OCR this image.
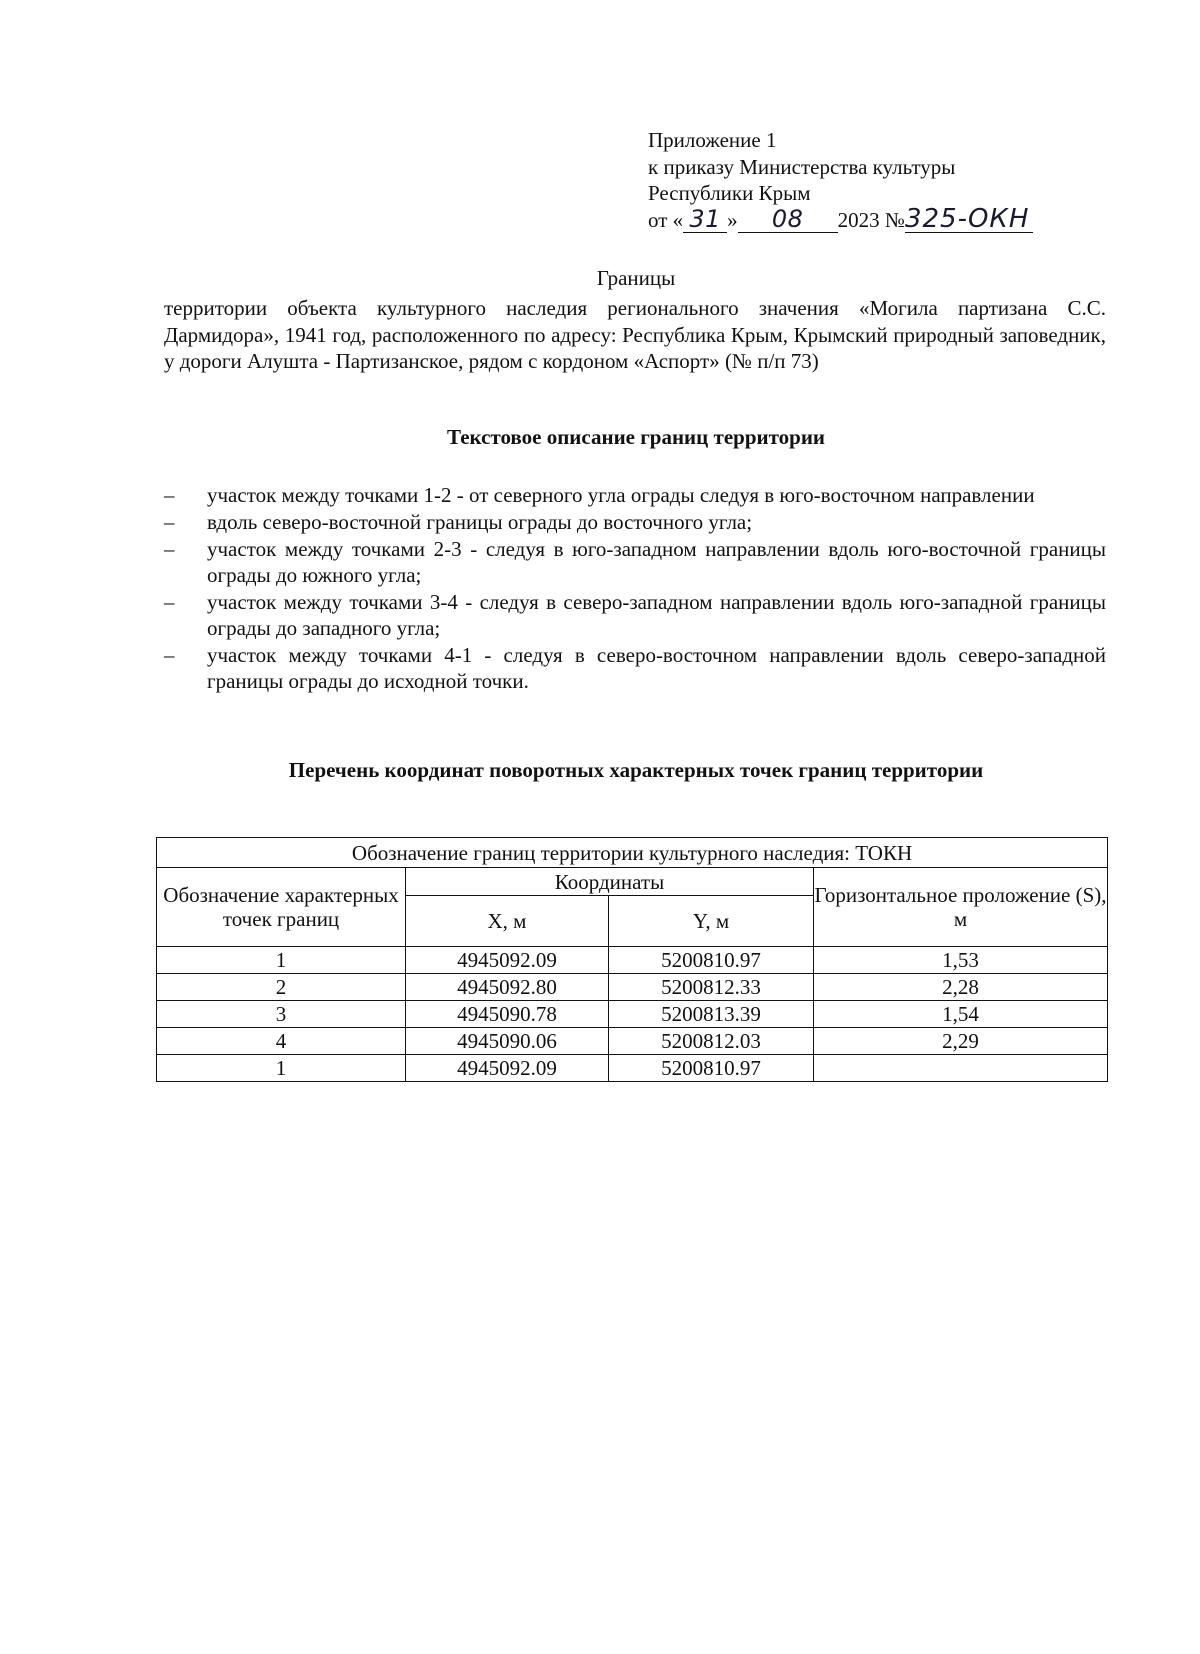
Приложение 1
к приказу Министерства культуры
Республики Крым
от « 31 » 08 2023 №325-ОКН
Границы
территории объекта культурного наследия регионального значения «Могила партизана С.С. Дармидора», 1941 год, расположенного по адресу: Республика Крым, Крымский природный заповедник, у дороги Алушта - Партизанское, рядом с кордоном «Аспорт» (№ п/п 73)
Текстовое описание границ территории
– участок между точками 1-2 - от северного угла ограды следуя в юго-восточном направлении
– вдоль северо-восточной границы ограды до восточного угла;
– участок между точками 2-3 - следуя в юго-западном направлении вдоль юго-восточной границы ограды до южного угла;
– участок между точками 3-4 - следуя в северо-западном направлении вдоль юго-западной границы ограды до западного угла;
– участок между точками 4-1 - следуя в северо-восточном направлении вдоль северо-западной границы ограды до исходной точки.
Перечень координат поворотных характерных точек границ территории
Обозначение границ территории культурного наследия: ТОКН			
Обозначение характерных точек границ	Координаты		Горизонтальное проложение (S), м
	X, м	Y, м	
1	4945092.09	5200810.97	1,53
2	4945092.80	5200812.33	2,28
3	4945090.78	5200813.39	1,54
4	4945090.06	5200812.03	2,29
1	4945092.09	5200810.97	
